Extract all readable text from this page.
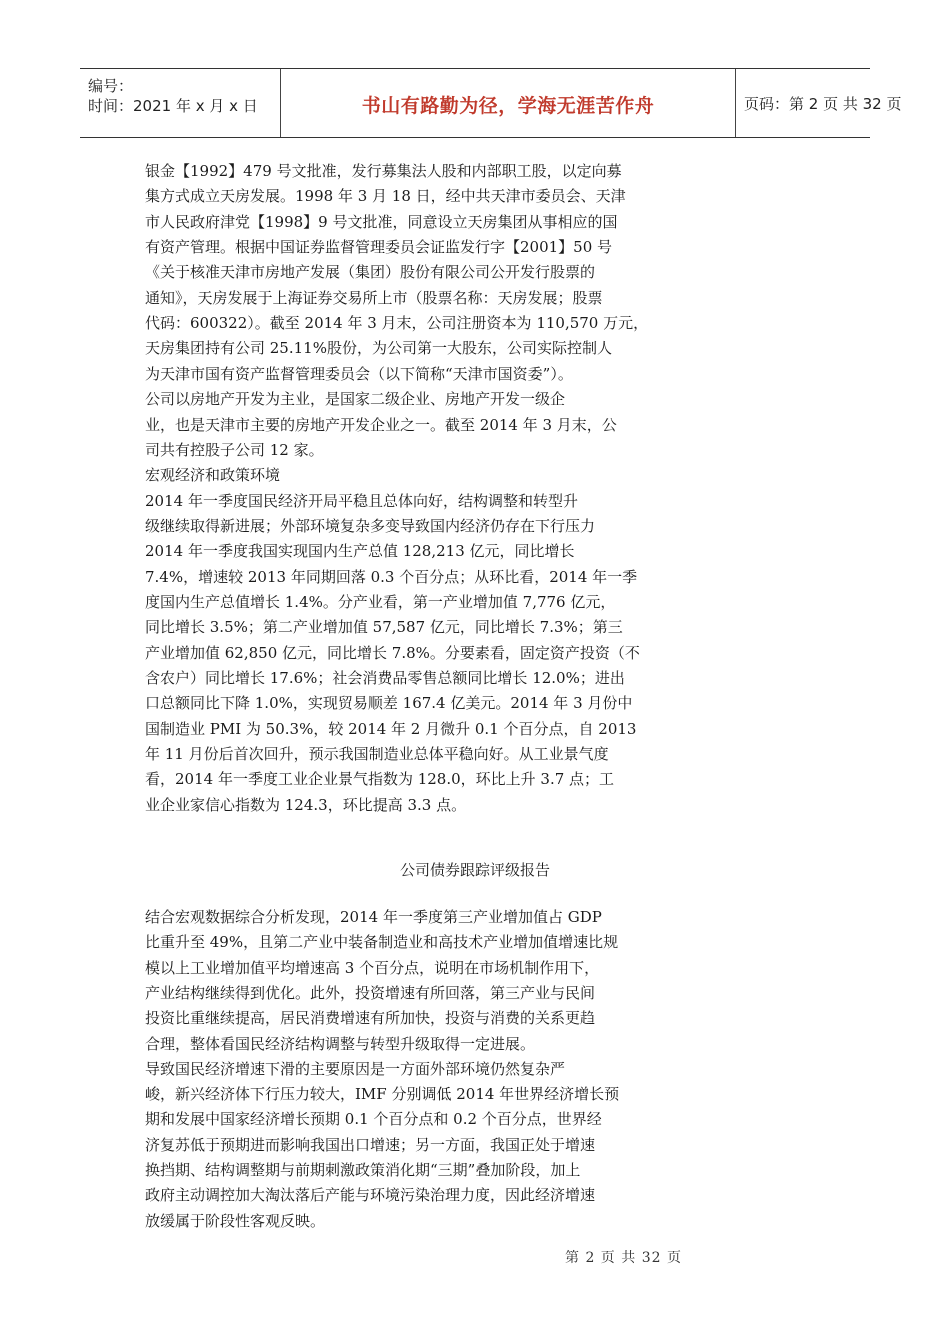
编号：
时间：2021 年 x 月 x 日	书山有路勤为径，学海无涯苦作舟	页码：第 2 页 共 32 页
银金【1992】479 号文批准，发行募集法人股和内部职工股，以定向募
集方式成立天房发展。1998 年 3 月 18 日，经中共天津市委员会、天津
市人民政府津党【1998】9 号文批准，同意设立天房集团从事相应的国
有资产管理。根据中国证券监督管理委员会证监发行字【2001】50 号
《关于核准天津市房地产发展（集团）股份有限公司公开发行股票的
通知》，天房发展于上海证券交易所上市（股票名称：天房发展；股票
代码：600322）。截至 2014 年 3 月末，公司注册资本为 110,570 万元，
天房集团持有公司 25.11%股份，为公司第一大股东，公司实际控制人
为天津市国有资产监督管理委员会（以下简称“天津市国资委”）。
公司以房地产开发为主业，是国家二级企业、房地产开发一级企
业，也是天津市主要的房地产开发企业之一。截至 2014 年 3 月末，公
司共有控股子公司 12 家。
宏观经济和政策环境
2014 年一季度国民经济开局平稳且总体向好，结构调整和转型升
级继续取得新进展；外部环境复杂多变导致国内经济仍存在下行压力
2014 年一季度我国实现国内生产总值 128,213 亿元，同比增长
7.4%，增速较 2013 年同期回落 0.3 个百分点；从环比看，2014 年一季
度国内生产总值增长 1.4%。分产业看，第一产业增加值 7,776 亿元，
同比增长 3.5%；第二产业增加值 57,587 亿元，同比增长 7.3%；第三
产业增加值 62,850 亿元，同比增长 7.8%。分要素看，固定资产投资（不
含农户）同比增长 17.6%；社会消费品零售总额同比增长 12.0%；进出
口总额同比下降 1.0%，实现贸易顺差 167.4 亿美元。2014 年 3 月份中
国制造业 PMI 为 50.3%，较 2014 年 2 月微升 0.1 个百分点，自 2013
年 11 月份后首次回升，预示我国制造业总体平稳向好。从工业景气度
看，2014 年一季度工业企业景气指数为 128.0，环比上升 3.7 点；工
业企业家信心指数为 124.3，环比提高 3.3 点。
公司债券跟踪评级报告
结合宏观数据综合分析发现，2014 年一季度第三产业增加值占 GDP
比重升至 49%，且第二产业中装备制造业和高技术产业增加值增速比规
模以上工业增加值平均增速高 3 个百分点，说明在市场机制作用下，
产业结构继续得到优化。此外，投资增速有所回落，第三产业与民间
投资比重继续提高，居民消费增速有所加快，投资与消费的关系更趋
合理，整体看国民经济结构调整与转型升级取得一定进展。
导致国民经济增速下滑的主要原因是一方面外部环境仍然复杂严
峻，新兴经济体下行压力较大，IMF 分别调低 2014 年世界经济增长预
期和发展中国家经济增长预期 0.1 个百分点和 0.2 个百分点，世界经
济复苏低于预期进而影响我国出口增速；另一方面，我国正处于增速
换挡期、结构调整期与前期刺激政策消化期“三期”叠加阶段，加上
政府主动调控加大淘汰落后产能与环境污染治理力度，因此经济增速
放缓属于阶段性客观反映。
第 2 页 共 32 页
